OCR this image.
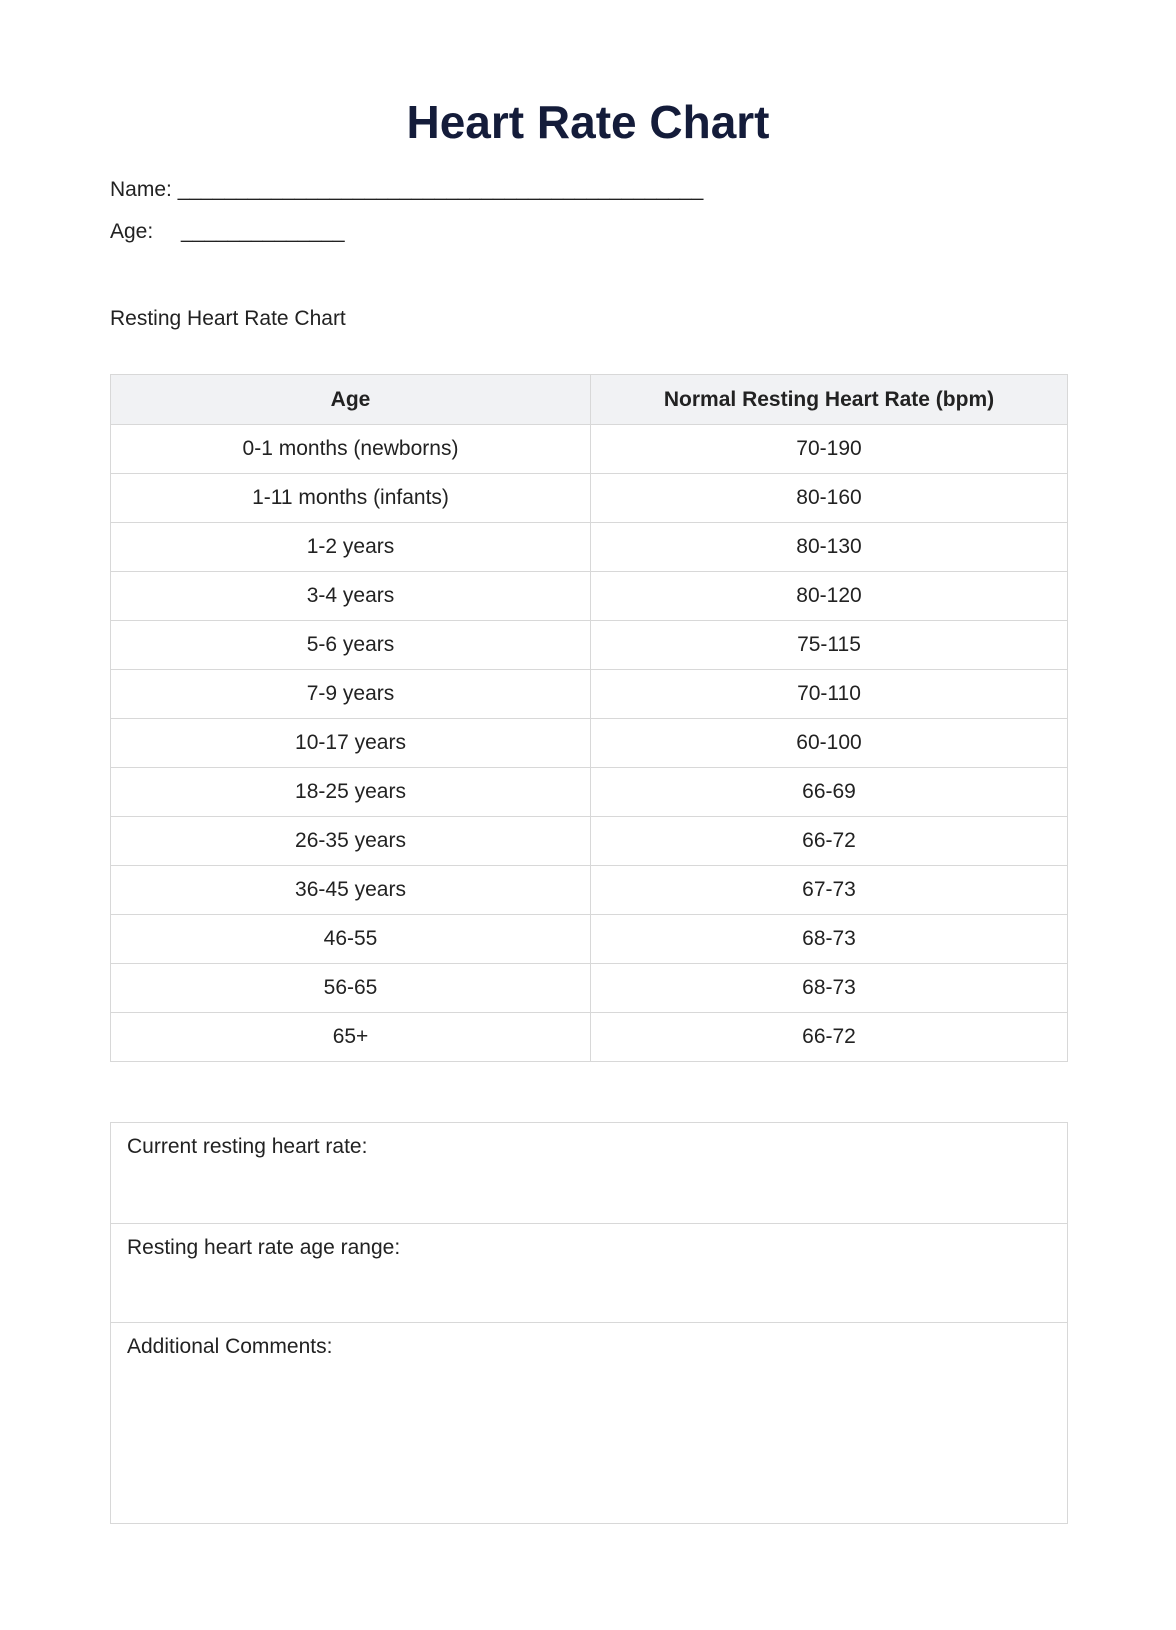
Heart Rate Chart
Name: _____________________________________________
Age: ______________
Resting Heart Rate Chart
Age	Normal Resting Heart Rate (bpm)
0-1 months (newborns)	70-190
1-11 months (infants)	80-160
1-2 years	80-130
3-4 years	80-120
5-6 years	75-115
7-9 years	70-110
10-17 years	60-100
18-25 years	66-69
26-35 years	66-72
36-45 years	67-73
46-55	68-73
56-65	68-73
65+	66-72
Current resting heart rate:
Resting heart rate age range:
Additional Comments:
